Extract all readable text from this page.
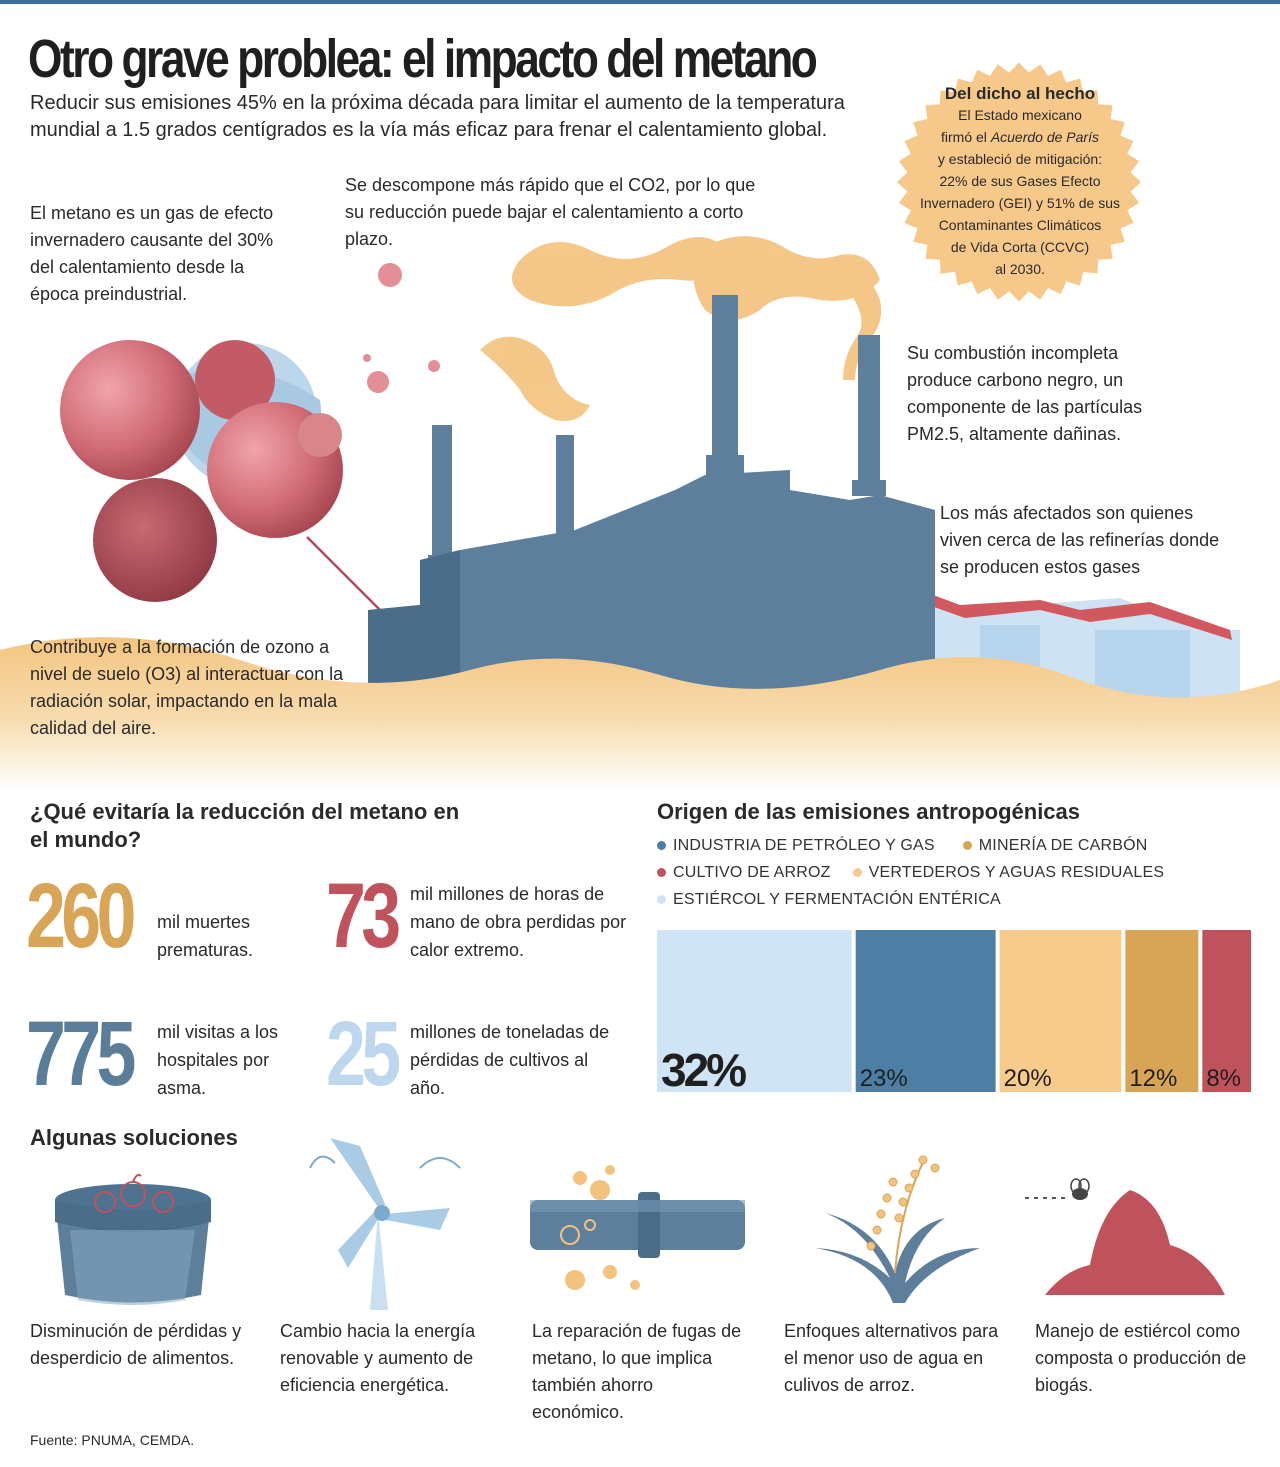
Otro grave problea: el impacto del metano
Reducir sus emisiones 45% en la próxima década para limitar el aumento de la temperatura mundial a 1.5 grados centígrados es la vía más eficaz para frenar el calentamiento global.
El metano es un gas de efecto invernadero causante del 30% del calentamiento desde la época preindustrial.
Se descompone más rápido que el CO2, por lo que su reducción puede bajar el calentamiento a corto plazo.
Su combustión incompleta produce carbono negro, un componente de las partículas PM2.5, altamente dañinas.
Los más afectados son quienes viven cerca de las refinerías donde se producen estos gases
Del dicho al hecho
El Estado mexicano
firmó el Acuerdo de París
y estableció de mitigación:
22% de sus Gases Efecto
Invernadero (GEI) y 51% de sus
Contaminantes Climáticos
de Vida Corta (CCVC)
al 2030.
Contribuye a la formación de ozono a nivel de suelo (O3) al interactuar con la radiación solar, impactando en la mala calidad del aire.
¿Qué evitaría la reducción del metano en el mundo?
260 mil muertes prematuras. 73 mil millones de horas de mano de obra perdidas por calor extremo.
775 mil visitas a los hospitales por asma.	25 millones de toneladas de pérdidas de cultivos al año.
Origen de las emisiones antropogénicas
INDUSTRIA DE PETRÓLEO Y GAS	MINERÍA DE CARBÓN
CULTIVO DE ARROZ VERTEDEROS Y AGUAS RESIDUALES
ESTIÉRCOL Y FERMENTACIÓN ENTÉRICA
32%	23%	20%	12% 8%
Algunas soluciones
Disminución de pérdidas y desperdicio de alimentos.
Cambio hacia la energía renovable y aumento de eficiencia energética.
La reparación de fugas de metano, lo que implica también ahorro económico.
Enfoques alternativos para el menor uso de agua en culivos de arroz.
Manejo de estiércol como composta o producción de biogás.
Fuente: PNUMA, CEMDA.
